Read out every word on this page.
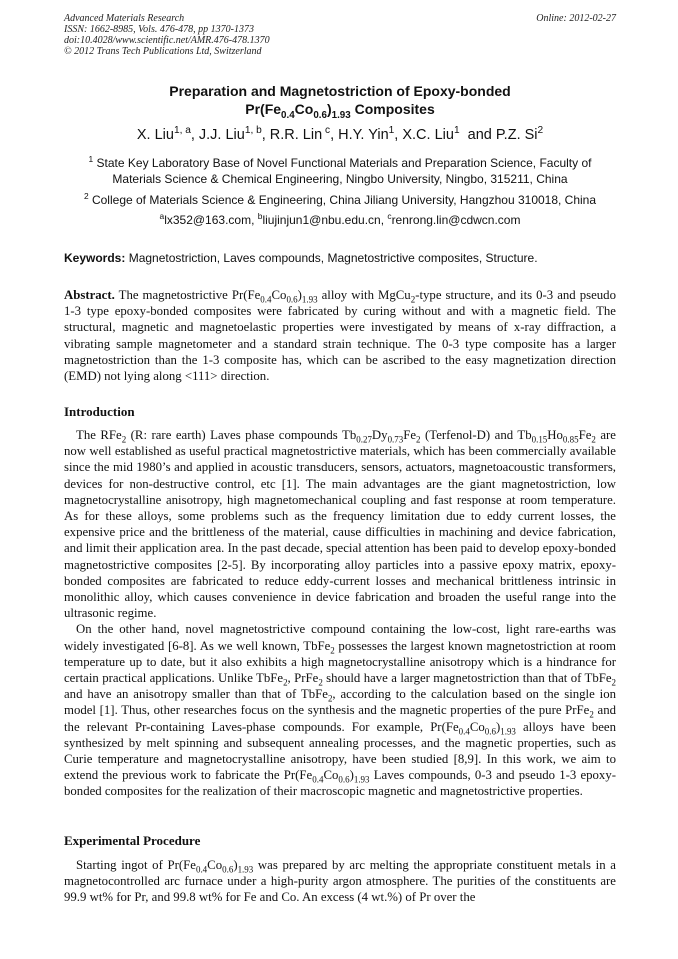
Advanced Materials Research
ISSN: 1662-8985, Vols. 476-478, pp 1370-1373
doi:10.4028/www.scientific.net/AMR.476-478.1370
© 2012 Trans Tech Publications Ltd, Switzerland
Online: 2012-02-27
Preparation and Magnetostriction of Epoxy-bonded
$Pr(Fe_{0.4}Co_{0.6})_{1.93}$ Composites
X. Liu$^{1, a}$, J.J. Liu$^{1, b}$, R.R. Lin $^c$, H.Y. Yin$^1$, X.C. Liu$^1$  and P.Z. Si$^2$
$^1$ State Key Laboratory Base of Novel Functional Materials and Preparation Science, Faculty of Materials Science & Chemical Engineering, Ningbo University, Ningbo, 315211, China
$^2$ College of Materials Science & Engineering, China Jiliang University, Hangzhou 310018, China
$^a$lx352@163.com, $^b$liujinjun1@nbu.edu.cn, $^c$renrong.lin@cdwcn.com
Keywords: Magnetostriction, Laves compounds, Magnetostrictive composites, Structure.

Abstract. The magnetostrictive $Pr(Fe_{0.4}Co_{0.6})_{1.93}$ alloy with MgCu$_2$-type structure, and its 0-3 and pseudo 1-3 type epoxy-bonded composites were fabricated by curing without and with a magnetic field. The structural, magnetic and magnetoelastic properties were investigated by means of x-ray diffraction, a vibrating sample magnetometer and a standard strain technique. The 0-3 type composite has a larger magnetostriction than the 1-3 composite has, which can be ascribed to the easy magnetization direction (EMD) not lying along <111> direction.

Introduction

The RFe$_2$ (R: rare earth) Laves phase compounds $Tb_{0.27}Dy_{0.73}Fe_2$ (Terfenol-D) and $Tb_{0.15}Ho_{0.85}Fe_2$ are now well established as useful practical magnetostrictive materials, which has been commercially available since the mid 1980’s and applied in acoustic transducers, sensors, actuators, magnetoacoustic transformers, devices for non-destructive control, etc [1]. The main advantages are the giant magnetostriction, low magnetocrystalline anisotropy, high magnetomechanical coupling and fast response at room temperature. As for these alloys, some problems such as the frequency limitation due to eddy current losses, the expensive price and the brittleness of the material, cause difficulties in machining and device fabrication, and limit their application area. In the past decade, special attention has been paid to develop epoxy-bonded magnetostrictive composites [2-5]. By incorporating alloy particles into a passive epoxy matrix, epoxy-bonded composites are fabricated to reduce eddy-current losses and mechanical brittleness intrinsic in monolithic alloy, which causes convenience in device fabrication and broaden the useful range into the ultrasonic regime.

On the other hand, novel magnetostrictive compound containing the low-cost, light rare-earths was widely investigated [6-8]. As we well known, TbFe$_2$ possesses the largest known magnetostriction at room temperature up to date, but it also exhibits a high magnetocrystalline anisotropy which is a hindrance for certain practical applications. Unlike TbFe$_2$, PrFe$_2$ should have a larger magnetostriction than that of TbFe$_2$ and have an anisotropy smaller than that of TbFe$_2$, according to the calculation based on the single ion model [1]. Thus, other researches focus on the synthesis and the magnetic properties of the pure PrFe$_2$ and the relevant Pr-containing Laves-phase compounds. For example, $Pr(Fe_{0.4}Co_{0.6})_{1.93}$ alloys have been synthesized by melt spinning and subsequent annealing processes, and the magnetic properties, such as Curie temperature and magnetocrystalline anisotropy, have been studied [8,9]. In this work, we aim to extend the previous work to fabricate the $Pr(Fe_{0.4}Co_{0.6})_{1.93}$ Laves compounds, 0-3 and pseudo 1-3 epoxy-bonded composites for the realization of their macroscopic magnetic and magnetostrictive properties.

Experimental Procedure

Starting ingot of $Pr(Fe_{0.4}Co_{0.6})_{1.93}$ was prepared by arc melting the appropriate constituent metals in a magnetocontrolled arc furnace under a high-purity argon atmosphere. The purities of the constituents are 99.9 wt% for Pr, and 99.8 wt% for Fe and Co. An excess (4 wt.%) of Pr over the
